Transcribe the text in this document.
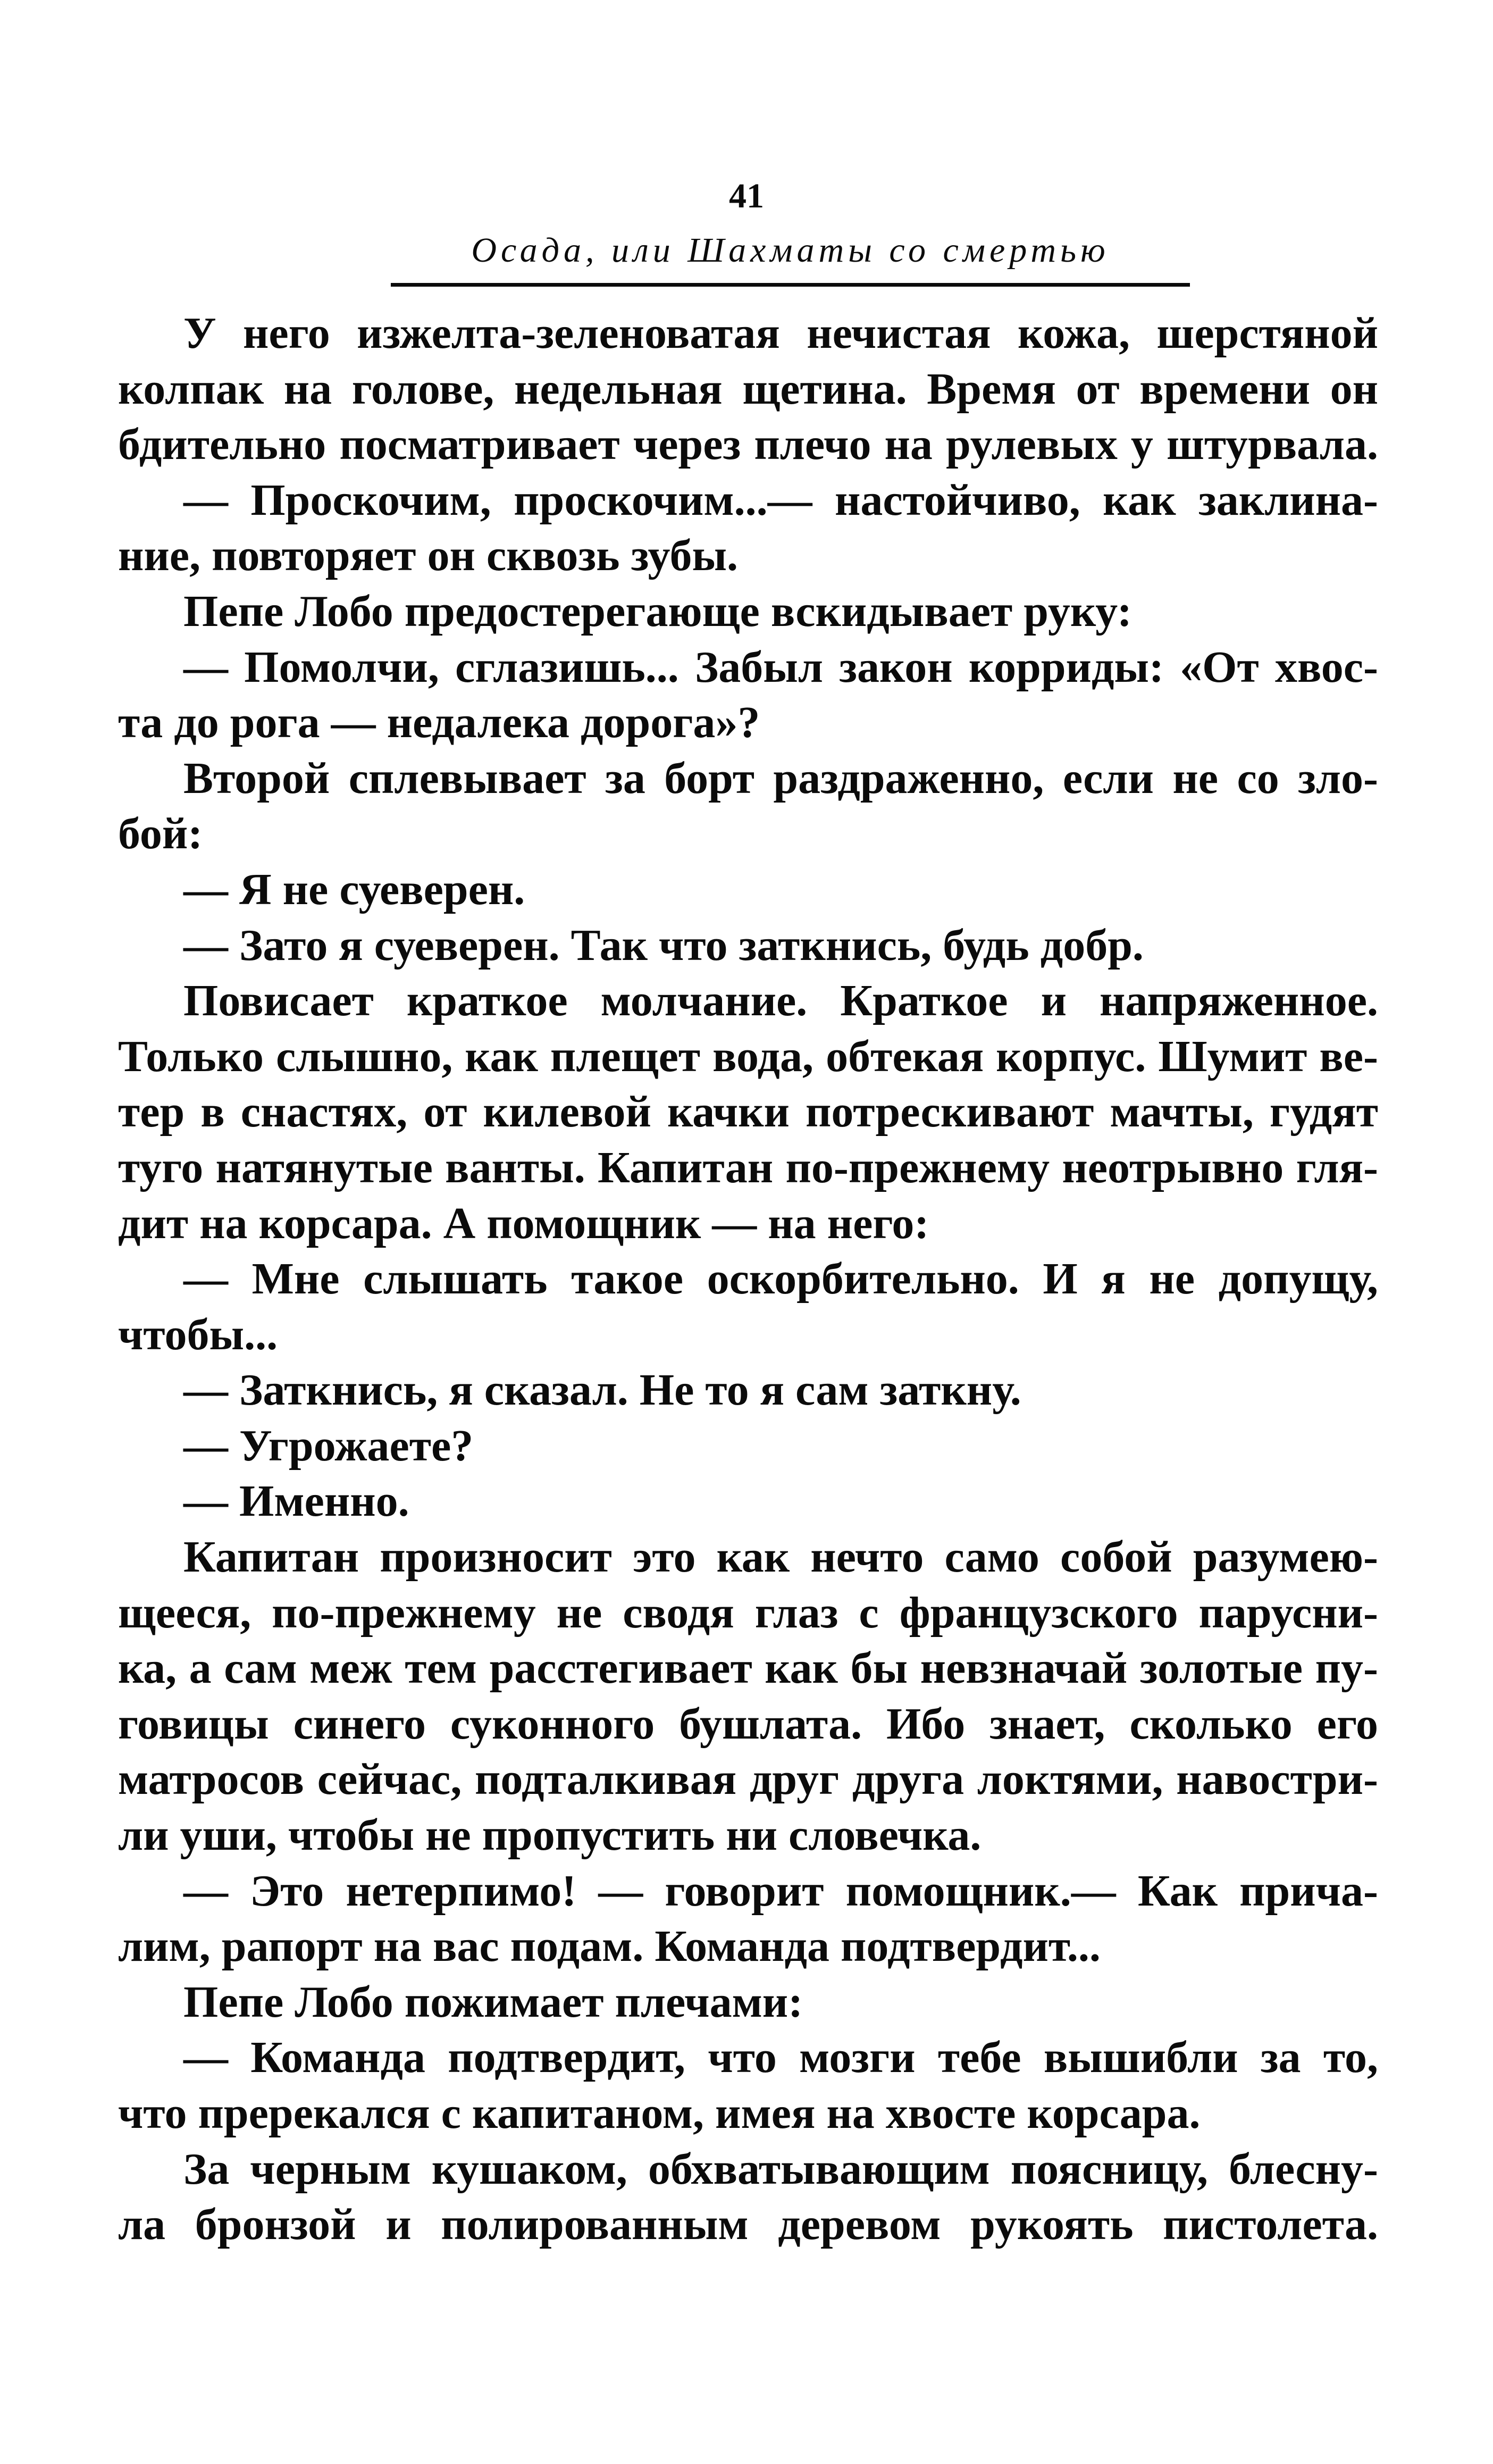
41
Осада, или Шахматы со смертью
У него изжелта-зеленоватая нечистая кожа, шерстяной
колпак на голове, недельная щетина. Время от времени он
бдительно посматривает через плечо на рулевых у штурвала.
— Проскочим, проскочим...— настойчиво, как заклина-
ние, повторяет он сквозь зубы.
Пепе Лобо предостерегающе вскидывает руку:
— Помолчи, сглазишь... Забыл закон корриды: «От хвос-
та до рога — недалека дорога»?
Второй сплевывает за борт раздраженно, если не со зло-
бой:
— Я не суеверен.
— Зато я суеверен. Так что заткнись, будь добр.
Повисает краткое молчание. Краткое и напряженное.
Только слышно, как плещет вода, обтекая корпус. Шумит ве-
тер в снастях, от килевой качки потрескивают мачты, гудят
туго натянутые ванты. Капитан по-прежнему неотрывно гля-
дит на корсара. А помощник — на него:
— Мне слышать такое оскорбительно. И я не допущу,
чтобы...
— Заткнись, я сказал. Не то я сам заткну.
— Угрожаете?
— Именно.
Капитан произносит это как нечто само собой разумею-
щееся, по-прежнему не сводя глаз с французского парусни-
ка, а сам меж тем расстегивает как бы невзначай золотые пу-
говицы синего суконного бушлата. Ибо знает, сколько его
матросов сейчас, подталкивая друг друга локтями, навостри-
ли уши, чтобы не пропустить ни словечка.
— Это нетерпимо! — говорит помощник.— Как прича-
лим, рапорт на вас подам. Команда подтвердит...
Пепе Лобо пожимает плечами:
— Команда подтвердит, что мозги тебе вышибли за то,
что пререкался с капитаном, имея на хвосте корсара.
За черным кушаком, обхватывающим поясницу, блесну-
ла бронзой и полированным деревом рукоять пистолета.
